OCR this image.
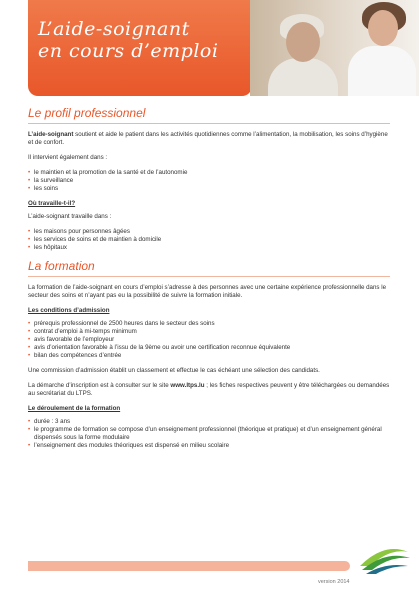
L’aide-soignant
en cours d’emploi
Le profil professionnel

L’aide-soignant soutient et aide le patient dans les activités quotidiennes comme l’alimentation, la mobilisation, les soins d’hygiène et de confort.

Il intervient également dans :

• le maintien et la promotion de la santé et de l’autonomie
• la surveillance
• les soins
Où travaille-t-il?

L’aide-soignant travaille dans :

• les maisons pour personnes âgées
• les services de soins et de maintien à domicile
• les hôpitaux
La formation

La formation de l’aide-soignant en cours d’emploi s’adresse à des personnes avec une certaine expérience professionnelle dans le secteur des soins et n’ayant pas eu la possibilité de suivre la formation initiale.

Les conditions d’admission
• prérequis professionnel de 2500 heures dans le secteur des soins
• contrat d’emploi à mi-temps minimum
• avis favorable de l’employeur
• avis d’orientation favorable à l’issu de la 9ème ou avoir une certification reconnue équivalente
• bilan des compétences d’entrée

Une commission d’admission établit un classement et effectue le cas échéant une sélection des candidats.

La démarche d’inscription est à consulter sur le site www.ltps.lu ; les fiches respectives peuvent y être téléchargées ou demandées au secrétariat du LTPS.

Le déroulement de la formation
• durée : 3 ans
• le programme de formation se compose d’un enseignement professionnel (théorique et pratique) et d’un enseignement général dispensés sous la forme modulaire
• l’enseignement des modules théoriques est dispensé en milieu scolaire
version 2014
